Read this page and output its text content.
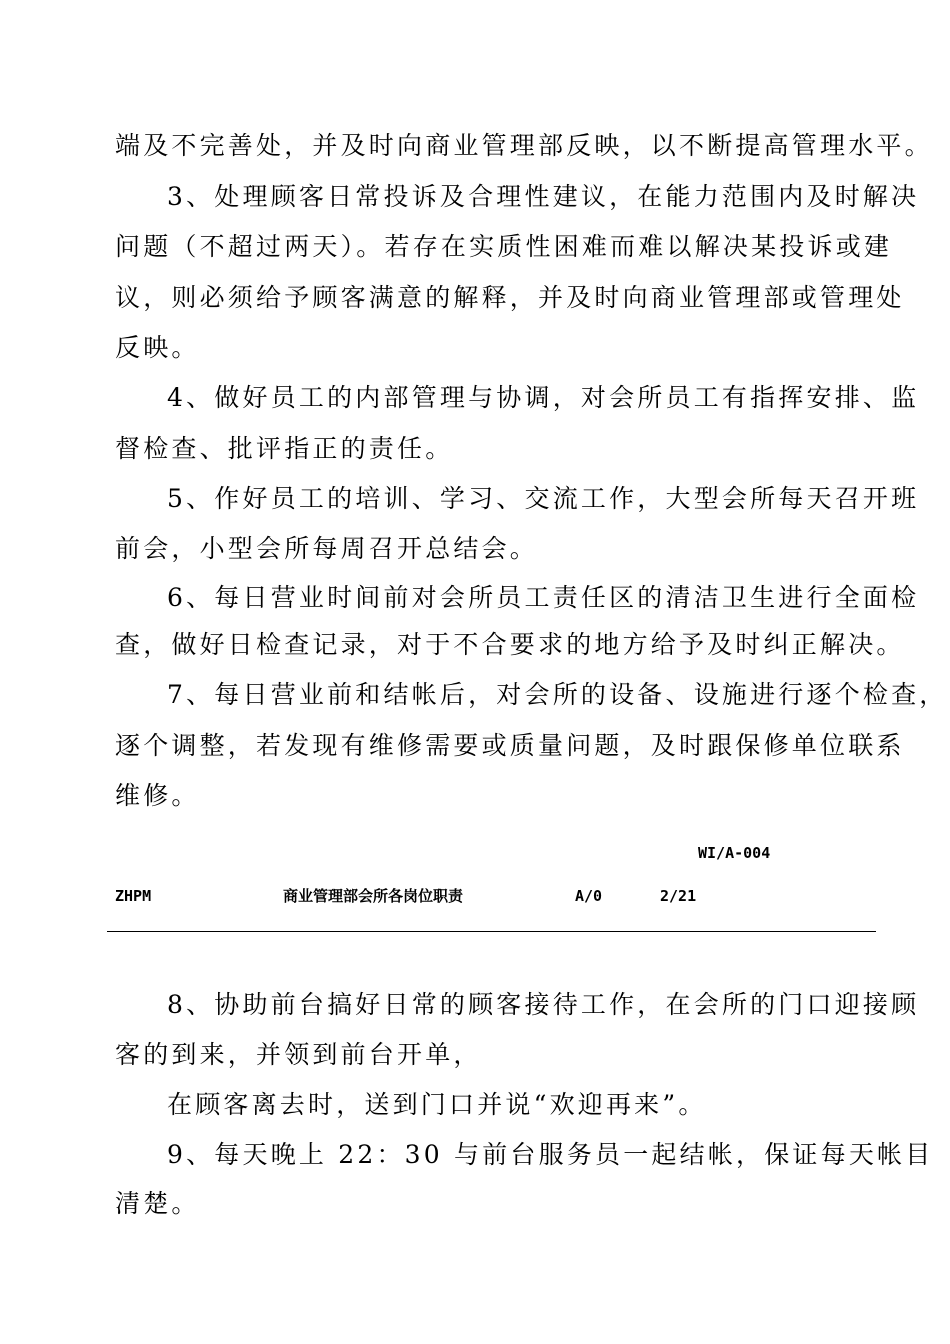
端及不完善处，并及时向商业管理部反映，以不断提高管理水平。
3、处理顾客日常投诉及合理性建议，在能力范围内及时解决
问题（不超过两天）。若存在实质性困难而难以解决某投诉或建
议，则必须给予顾客满意的解释，并及时向商业管理部或管理处
反映。
4、做好员工的内部管理与协调，对会所员工有指挥安排、监
督检查、批评指正的责任。
5、作好员工的培训、学习、交流工作，大型会所每天召开班
前会，小型会所每周召开总结会。
6、每日营业时间前对会所员工责任区的清洁卫生进行全面检
查，做好日检查记录，对于不合要求的地方给予及时纠正解决。
7、每日营业前和结帐后，对会所的设备、设施进行逐个检查，
逐个调整，若发现有维修需要或质量问题，及时跟保修单位联系
维修。
WI/A-004
ZHPM	商业管理部会所各岗位职责	A/0	2/21
8、协助前台搞好日常的顾客接待工作，在会所的门口迎接顾
客的到来，并领到前台开单，
在顾客离去时，送到门口并说“欢迎再来”。
9、每天晚上 22：30 与前台服务员一起结帐，保证每天帐目
清楚。
